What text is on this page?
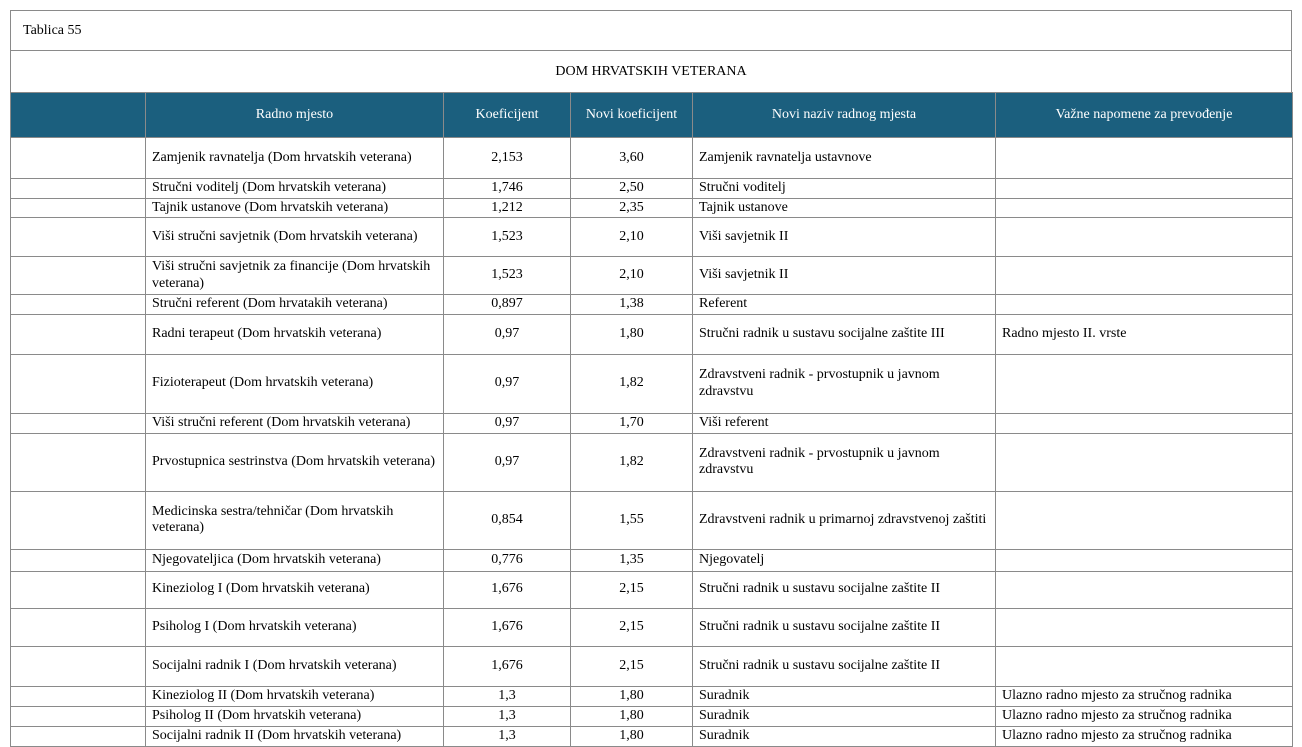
Tablica 55
DOM HRVATSKIH VETERANA
	Radno mjesto	Koeficijent	Novi koeficijent	Novi naziv radnog mjesta	Važne napomene za prevođenje
	Zamjenik ravnatelja (Dom hrvatskih veterana)	2,153	3,60	Zamjenik ravnatelja ustavnove	
	Stručni voditelj (Dom hrvatskih veterana)	1,746	2,50	Stručni voditelj	
	Tajnik ustanove (Dom hrvatskih veterana)	1,212	2,35	Tajnik ustanove	
	Viši stručni savjetnik (Dom hrvatskih veterana)	1,523	2,10	Viši savjetnik II	
	Viši stručni savjetnik za financije (Dom hrvatskih veterana)	1,523	2,10	Viši savjetnik II	
	Stručni referent (Dom hrvatakih veterana)	0,897	1,38	Referent	
	Radni terapeut (Dom hrvatskih veterana)	0,97	1,80	Stručni radnik u sustavu socijalne zaštite III	Radno mjesto II. vrste
	Fizioterapeut (Dom hrvatskih veterana)	0,97	1,82	Zdravstveni radnik - prvostupnik u javnom zdravstvu	
	Viši stručni referent (Dom hrvatskih veterana)	0,97	1,70	Viši referent	
	Prvostupnica sestrinstva (Dom hrvatskih veterana)	0,97	1,82	Zdravstveni radnik - prvostupnik u javnom zdravstvu	
	Medicinska sestra/tehničar (Dom hrvatskih veterana)	0,854	1,55	Zdravstveni radnik u primarnoj zdravstvenoj zaštiti	
	Njegovateljica (Dom hrvatskih veterana)	0,776	1,35	Njegovatelj	
	Kineziolog I (Dom hrvatskih veterana)	1,676	2,15	Stručni radnik u sustavu socijalne zaštite II	
	Psiholog I (Dom hrvatskih veterana)	1,676	2,15	Stručni radnik u sustavu socijalne zaštite II	
	Socijalni radnik I (Dom hrvatskih veterana)	1,676	2,15	Stručni radnik u sustavu socijalne zaštite II	
	Kineziolog II (Dom hrvatskih veterana)	1,3	1,80	Suradnik	Ulazno radno mjesto za stručnog radnika
	Psiholog II (Dom hrvatskih veterana)	1,3	1,80	Suradnik	Ulazno radno mjesto za stručnog radnika
	Socijalni radnik II (Dom hrvatskih veterana)	1,3	1,80	Suradnik	Ulazno radno mjesto za stručnog radnika
